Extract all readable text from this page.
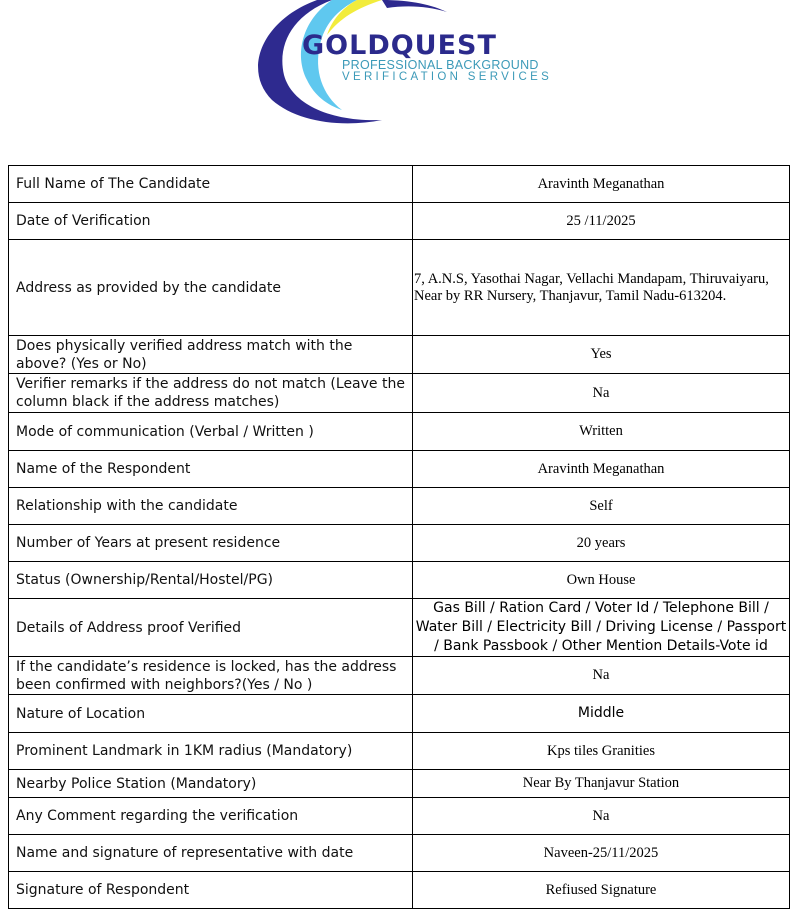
GOLDQUEST
PROFESSIONAL BACKGROUND
VERIFICATION SERVICES
Full Name of The Candidate	Aravinth Meganathan
Date of Verification	25 /11/2025
Address as provided by the candidate	7, A.N.S, Yasothai Nagar, Vellachi Mandapam, Thiruvaiyaru, Near by RR Nursery, Thanjavur, Tamil Nadu-613204.
Does physically verified address match with the above? (Yes or No)	Yes
Verifier remarks if the address do not match (Leave the column black if the address matches)	Na
Mode of communication (Verbal / Written )	Written
Name of the Respondent	Aravinth Meganathan
Relationship with the candidate	Self
Number of Years at present residence	20 years
Status (Ownership/Rental/Hostel/PG)	Own House
Details of Address proof Verified	Gas Bill / Ration Card / Voter Id / Telephone Bill / Water Bill / Electricity Bill / Driving License / Passport / Bank Passbook / Other Mention Details-Vote id
If the candidate’s residence is locked, has the address been confirmed with neighbors?(Yes / No )	Na
Nature of Location	Middle
Prominent Landmark in 1KM radius (Mandatory)	Kps tiles Granities
Nearby Police Station (Mandatory)	Near By Thanjavur Station
Any Comment regarding the verification	Na
Name and signature of representative with date	Naveen-25/11/2025
Signature of Respondent	Refiused Signature
